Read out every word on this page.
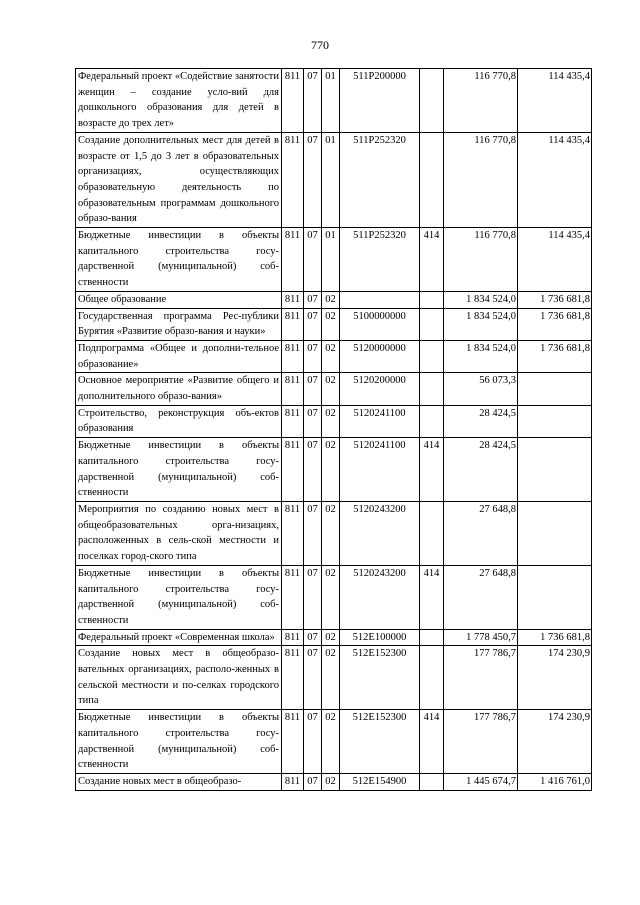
770
Федеральный проект «Содействие занятости женщин – создание усло-вий для дошкольного образования для детей в возрасте до трех лет»	811	07	01	511P200000		116 770,8	114 435,4
Создание дополнительных мест для детей в возрасте от 1,5 до 3 лет в образовательных организациях, осуществляющих образовательную деятельность по образовательным программам дошкольного образо-вания	811	07	01	511P252320		116 770,8	114 435,4
Бюджетные инвестиции в объекты капитального строительства госу-дарственной (муниципальной) соб-ственности	811	07	01	511P252320	414	116 770,8	114 435,4
Общее образование	811	07	02			1 834 524,0	1 736 681,8
Государственная программа Рес-публики Бурятия «Развитие образо-вания и науки»	811	07	02	5100000000		1 834 524,0	1 736 681,8
Подпрограмма «Общее и дополни-тельное образование»	811	07	02	5120000000		1 834 524,0	1 736 681,8
Основное мероприятие «Развитие общего и дополнительного образо-вания»	811	07	02	5120200000		56 073,3	
Строительство, реконструкция объ-ектов образования	811	07	02	5120241100		28 424,5	
Бюджетные инвестиции в объекты капитального строительства госу-дарственной (муниципальной) соб-ственности	811	07	02	5120241100	414	28 424,5	
Мероприятия по созданию новых мест в общеобразовательных орга-низациях, расположенных в сель-ской местности и поселках город-ского типа	811	07	02	5120243200		27 648,8	
Бюджетные инвестиции в объекты капитального строительства госу-дарственной (муниципальной) соб-ственности	811	07	02	5120243200	414	27 648,8	
Федеральный проект «Современная школа»	811	07	02	512E100000		1 778 450,7	1 736 681,8
Создание новых мест в общеобразо-вательных организациях, располо-женных в сельской местности и по-селках городского типа	811	07	02	512E152300		177 786,7	174 230,9
Бюджетные инвестиции в объекты капитального строительства госу-дарственной (муниципальной) соб-ственности	811	07	02	512E152300	414	177 786,7	174 230,9
Создание новых мест в общеобразо-	811	07	02	512E154900		1 445 674,7	1 416 761,0
